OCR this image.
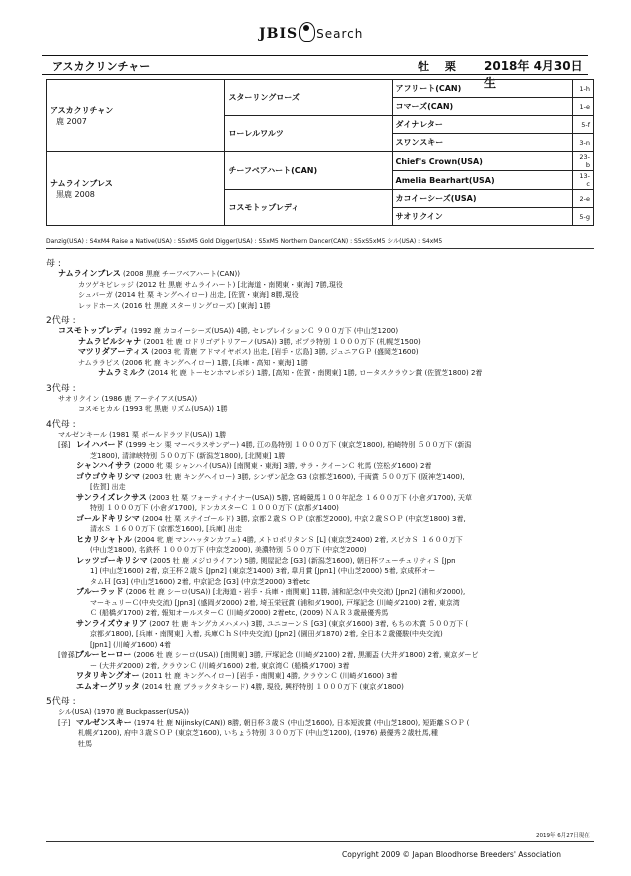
JBIS Search
アスカクリンチャー	牡 栗 2018年 4月30日生
アスカクリチャン
鹿 2007	スターリングローズ	アフリート(CAN)	1-h
		コマーズ(CAN)	1-e
	ローレルワルツ	ダイナレター	5-f
		スワンスキー	3-n

ナムラインブレス
黒鹿 2008	チーフベアハート(CAN)	Chief's Crown(USA)	23-b
		Amelia Bearhart(USA)	13-c
	コスモトップレディ	カコイーシーズ(USA)	2-e
		サオリクイン	5-g
Danzig(USA) : S4xM4 Raise a Native(USA) : S5xM5 Gold Digger(USA) : S5xM5 Northern Dancer(CAN) : S5xS5xM5 シル(USA) : S4xM5
母 :
ナムラインブレス (2008 黒鹿 チーフベアハート(CAN))
カツゲキビレッジ (2012 牡 黒鹿 サムライハート) [北海道・南関東・東海] 7勝,現役
シュバーガ (2014 牡 栗 キングヘイロー) 出走, [佐賀・東海] 8勝,現役
レッドホース (2016 牡 黒鹿 スターリングローズ) [東海] 1勝
2代母 :
コスモトップレディ (1992 鹿 カコイーシーズ(USA)) 4勝, セレブレイションＣ ９００万下 (中山芝1200)
ナムラビルシャナ (2001 牡 鹿 ロドリゴデトリアーノ(USA)) 3勝, ポプラ特別 １０００万下 (札幌芝1500)
マツリダアーティス (2003 牝 青鹿 アドマイヤボス) 出走, [岩手・広島] 3勝, ジュニアＧＰ (盛岡芝1600)
ナムララピス (2006 牝 鹿 キングヘイロー) 1勝, [兵庫・高知・東海] 1勝
ナムラミルク (2014 牝 鹿 トーセンホマレボシ) 1勝, [高知・佐賀・南関東] 1勝, ロータスクラウン賞 (佐賀芝1800) 2着
3代母 :
サオリクイン (1986 鹿 アーテイアス(USA))
コスモヒカル (1993 牝 黒鹿 リズム(USA)) 1勝
4代母 :
マルゼンキール (1981 栗 ボールドラツド(USA)) 1勝
[孫] レイハバード (1999 セン 栗 マーベラスサンデー) 4勝, 江の島特別 １０００万下 (東京芝1800), 柏崎特別 ５００万下 (新潟
芝1800), 清津峡特別 ５００万下 (新潟芝1800), [北関東] 1勝
シャンハイサラ (2000 牝 栗 シャンハイ(USA)) [南関東・東海] 3勝, サラ・クイーンＣ 牝馬 (笠松ダ1600) 2着
ゴウゴウキリシマ (2003 牡 鹿 キングヘイロー) 3勝, シンザン記念 G3 (京都芝1600), 千両賞 ５００万下 (阪神芝1400),
[佐賀] 出走
サンライズレクサス (2003 牡 栗 フォーティナイナー(USA)) 5勝, 宮崎競馬１００年記念 １６００万下 (小倉ダ1700), 天草
特別 １０００万下 (小倉ダ1700), ドンカスターＣ １０００万下 (京都ダ1400)
ゴールドキリシマ (2004 牡 栗 ステイゴールド) 3勝, 京都２歳Ｓ ＯＰ (京都芝2000), 中京２歳ＳＯＰ (中京芝1800) 3着,
清水Ｓ １６００万下 (京都芝1600), [兵庫] 出走
ヒカリシャトル (2004 牝 鹿 マンハッタンカフェ) 4勝, メトロポリタンＳ [L] (東京芝2400) 2着, スピカＳ １６００万下
(中山芝1800), 名鉄杯 １０００万下 (中京芝2000), 美濃特別 ５００万下 (中京芝2000)
レッツゴーキリシマ (2005 牡 鹿 メジロライアン) 5勝, 関屋記念 [G3] (新潟芝1600), 朝日杯フューチュリティＳ [Jpn
1] (中山芝1600) 2着, 京王杯２歳Ｓ [Jpn2] (東京芝1400) 3着, 皐月賞 [Jpn1] (中山芝2000) 5着, 京成杯オー
タムＨ [G3] (中山芝1600) 2着, 中京記念 [G3] (中京芝2000) 3着etc
ブルーラッド (2006 牡 鹿 シーロ(USA)) [北海道・岩手・兵庫・南関東] 11勝, 浦和記念(中央交流) [Jpn2] (浦和ダ2000),
マーキュリーＣ(中央交流) [Jpn3] (盛岡ダ2000) 2着, 埼玉栄冠賞 (浦和ダ1900), 戸塚記念 (川崎ダ2100) 2着, 東京湾
Ｃ (船橋ダ1700) 2着, 報知オールスターＣ (川崎ダ2000) 2着etc, (2009) ＮＡＲ３歳最優秀馬
サンライズウォリア (2007 牡 鹿 キングカメハメハ) 3勝, ユニコーンＳ [G3] (東京ダ1600) 3着, もちの木賞 ５００万下 (
京都ダ1800), [兵庫・南関東] 入着, 兵庫ＣｈＳ(中央交流) [Jpn2] (園田ダ1870) 2着, 全日本２歳優駿(中央交流)
[Jpn1] (川崎ダ1600) 4着
[曾孫]ブルーヒーロー (2006 牡 鹿 シーロ(USA)) [南関東] 3勝, 戸塚記念 (川崎ダ2100) 2着, 黒潮盃 (大井ダ1800) 2着, 東京ダービ
ー (大井ダ2000) 2着, クラウンＣ (川崎ダ1600) 2着, 東京湾Ｃ (船橋ダ1700) 3着
ワタリキングオー (2011 牡 鹿 キングヘイロー) [岩手・南関東] 4勝, クラウンＣ (川崎ダ1600) 3着
エムオーグリッタ (2014 牡 鹿 ブラックタキシード) 4勝, 現役, 興杼特別 １０００万下 (東京ダ1800)
5代母 :
シル(USA) (1970 鹿 Buckpasser(USA))
[子] マルゼンスキー (1974 牡 鹿 Nijinsky(CAN)) 8勝, 朝日杯３歳Ｓ (中山芝1600), 日本短波賞 (中山芝1800), 短距離ＳＯＰ (
札幌ダ1200), 府中３歳ＳＯＰ (東京芝1600), いちょう特別 ３００万下 (中山芝1200), (1976) 最優秀２歳牡馬,種
牡馬
2019年 6月27日現在
Copyright 2009 © Japan Bloodhorse Breeders' Association
